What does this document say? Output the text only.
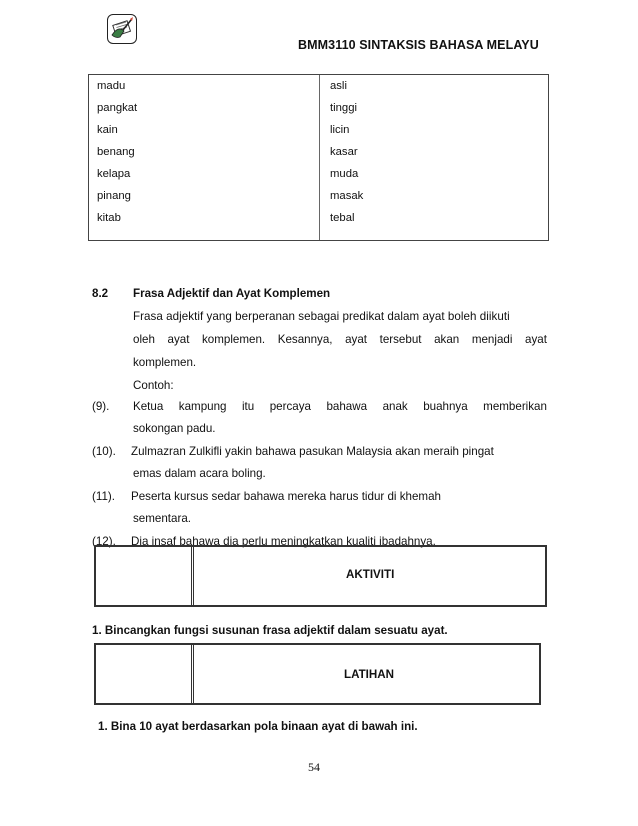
BMM3110 SINTAKSIS BAHASA MELAYU
madu
pangkat
kain
benang
kelapa
pinang
kitab
asli
tinggi
licin
kasar
muda
masak
tebal
8.2 Frasa Adjektif dan Ayat Komplemen
Frasa adjektif yang berperanan sebagai predikat dalam ayat boleh diikuti
oleh ayat komplemen. Kesannya, ayat tersebut akan menjadi ayat
komplemen.
Contoh:
(9). Ketua kampung itu percaya bahawa anak buahnya memberikan
sokongan padu.
(10). Zulmazran Zulkifli yakin bahawa pasukan Malaysia akan meraih pingat
emas dalam acara boling.
(11). Peserta kursus sedar bahawa mereka harus tidur di khemah
sementara.
(12). Dia insaf bahawa dia perlu meningkatkan kualiti ibadahnya.
AKTIVITI
1. Bincangkan fungsi susunan frasa adjektif dalam sesuatu ayat.
LATIHAN
1. Bina 10 ayat berdasarkan pola binaan ayat di bawah ini.
54
